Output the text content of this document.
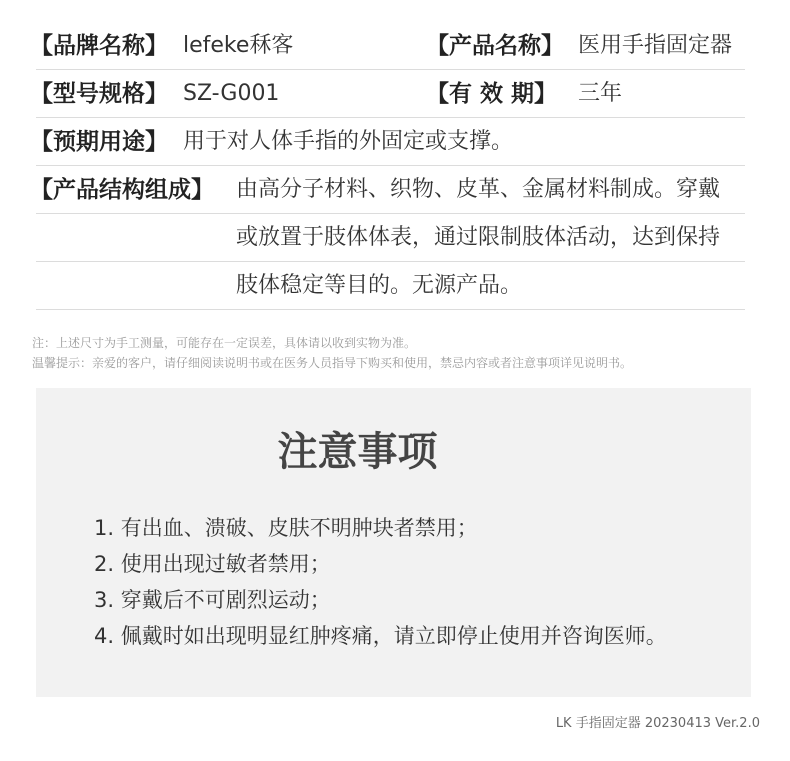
【品牌名称】 lefeke秝客	【产品名称】 医用手指固定器
【型号规格】 SZ-G001	【有 效 期】 三年
【预期用途】 用于对人体手指的外固定或支撑。
【产品结构组成】 由高分子材料、织物、皮革、金属材料制成。穿戴
或放置于肢体体表，通过限制肢体活动，达到保持
肢体稳定等目的。无源产品。
注：上述尺寸为手工测量，可能存在一定误差，具体请以收到实物为准。
温馨提示：亲爱的客户，请仔细阅读说明书或在医务人员指导下购买和使用，禁忌内容或者注意事项详见说明书。
注意事项
1. 有出血、溃破、皮肤不明肿块者禁用；
2. 使用出现过敏者禁用；
3. 穿戴后不可剧烈运动；
4. 佩戴时如出现明显红肿疼痛，请立即停止使用并咨询医师。
LK 手指固定器 20230413 Ver.2.0
